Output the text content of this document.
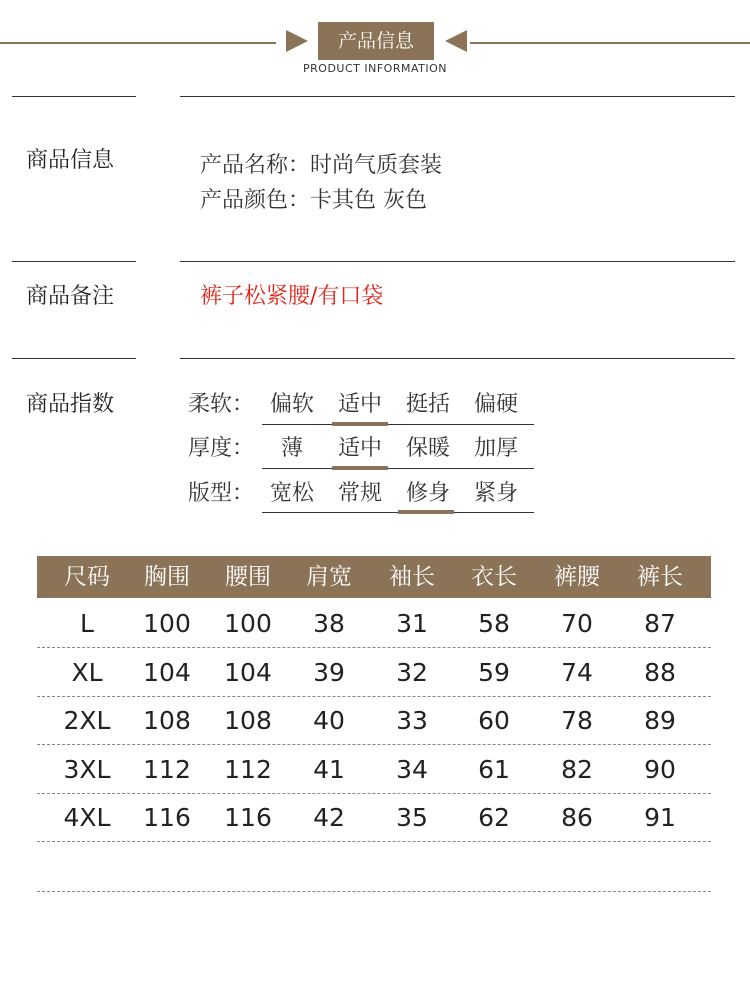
产品信息
PRODUCT INFORMATION
商品信息	产品名称：时尚气质套装
产品颜色：卡其色 灰色
商品备注	裤子松紧腰/有口袋
商品指数	柔软： 偏软	适中	挺括	偏硬
厚度：	薄	适中	保暖	加厚
版型： 宽松	常规	修身	紧身
尺码	胸围	腰围	肩宽	袖长	衣长	裤腰	裤长
L	100	100	38	31	58	70	87
XL	104	104	39	32	59	74	88
2XL	108	108	40	33	60	78	89
3XL	112	112	41	34	61	82	90
4XL	116	116	42	35	62	86	91
